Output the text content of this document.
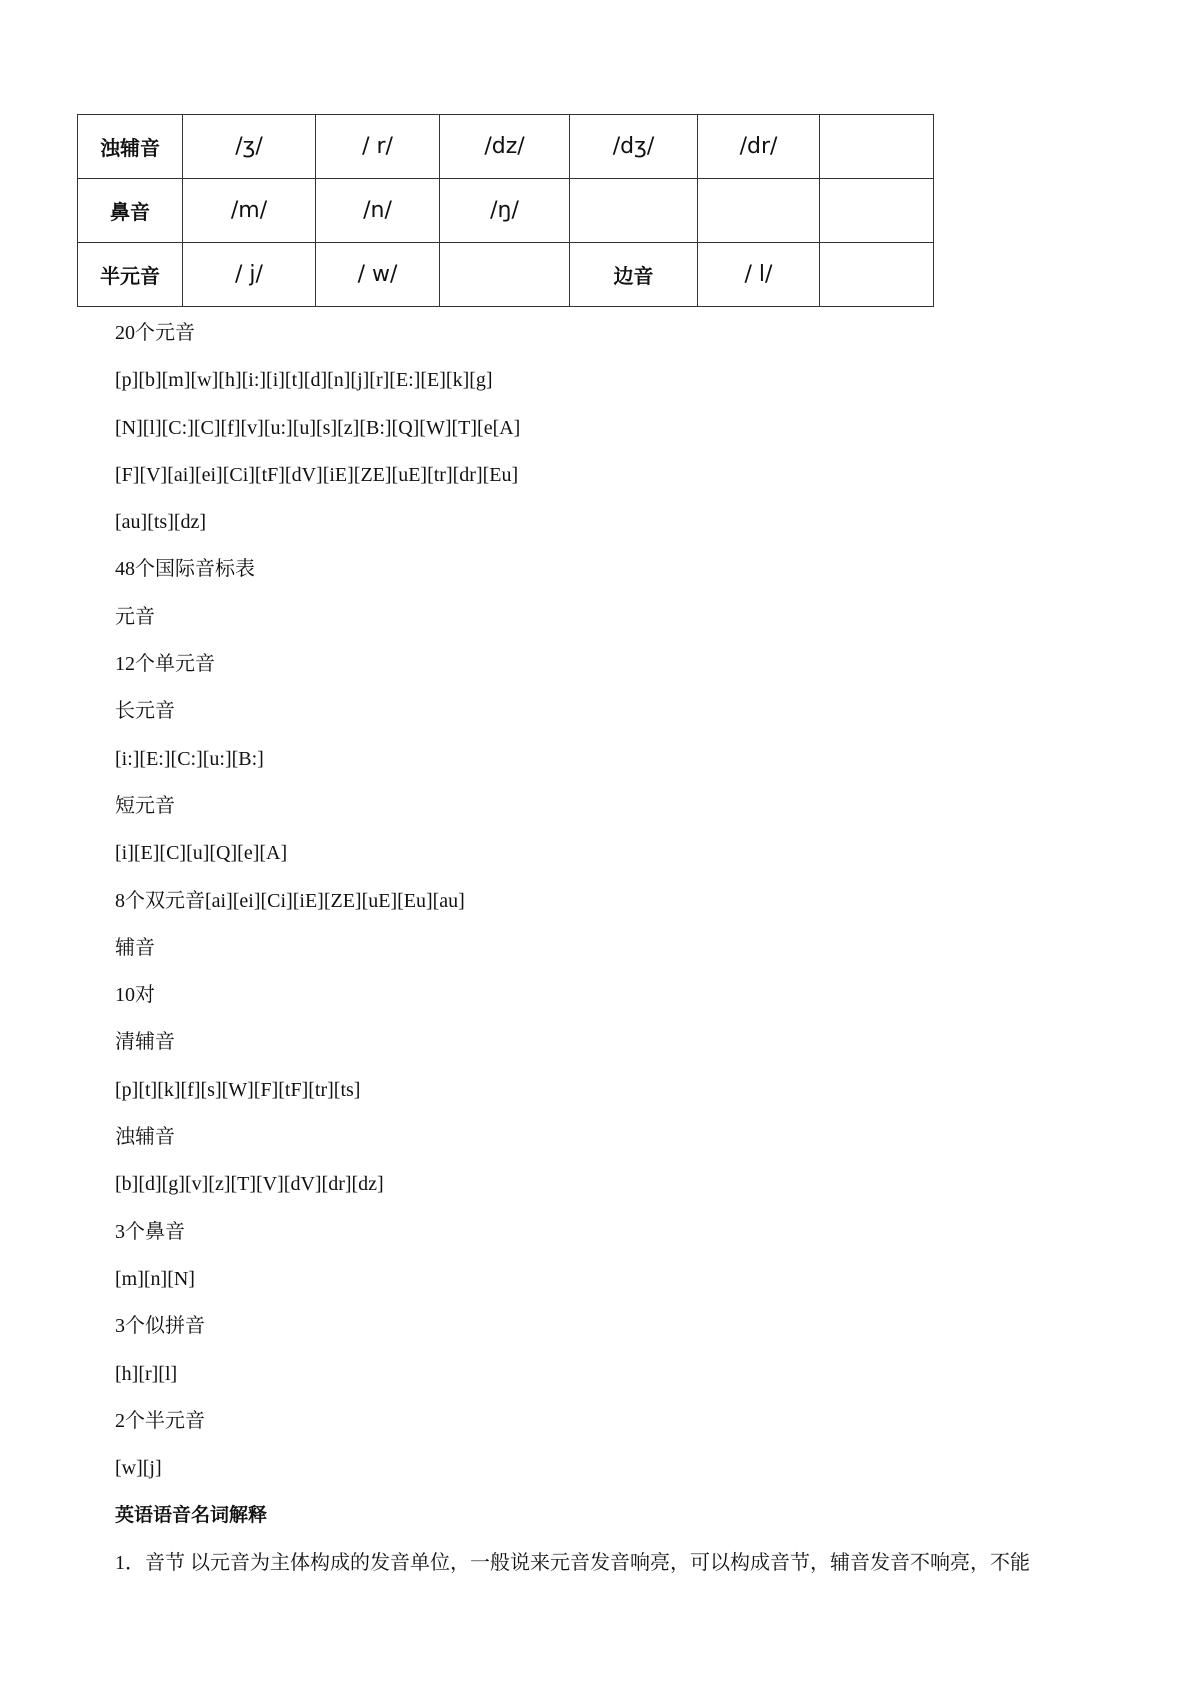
浊辅音	/ʒ/	/ r/	/dz/	/dʒ/	/dr/	
鼻音	/m/	/n/	/ŋ/			
半元音	/ j/	/ w/		边音	/ l/	
20个元音
[p][b][m][w][h][i:][i][t][d][n][j][r][E:][E][k][g]
[N][l][C:][C][f][v][u:][u][s][z][B:][Q][W][T][e[A]
[F][V][ai][ei][Ci][tF][dV][iE][ZE][uE][tr][dr][Eu]
[au][ts][dz]
48个国际音标表
元音
12个单元音
长元音
[i:][E:][C:][u:][B:]
短元音
[i][E][C][u][Q][e][A]
8个双元音[ai][ei][Ci][iE][ZE][uE][Eu][au]
辅音
10对
清辅音
[p][t][k][f][s][W][F][tF][tr][ts]
浊辅音
[b][d][g][v][z][T][V][dV][dr][dz]
3个鼻音
[m][n][N]
3个似拼音
[h][r][l]
2个半元音
[w][j]
英语语音名词解释
1．音节 以元音为主体构成的发音单位，一般说来元音发音响亮，可以构成音节，辅音发音不响亮，不能
